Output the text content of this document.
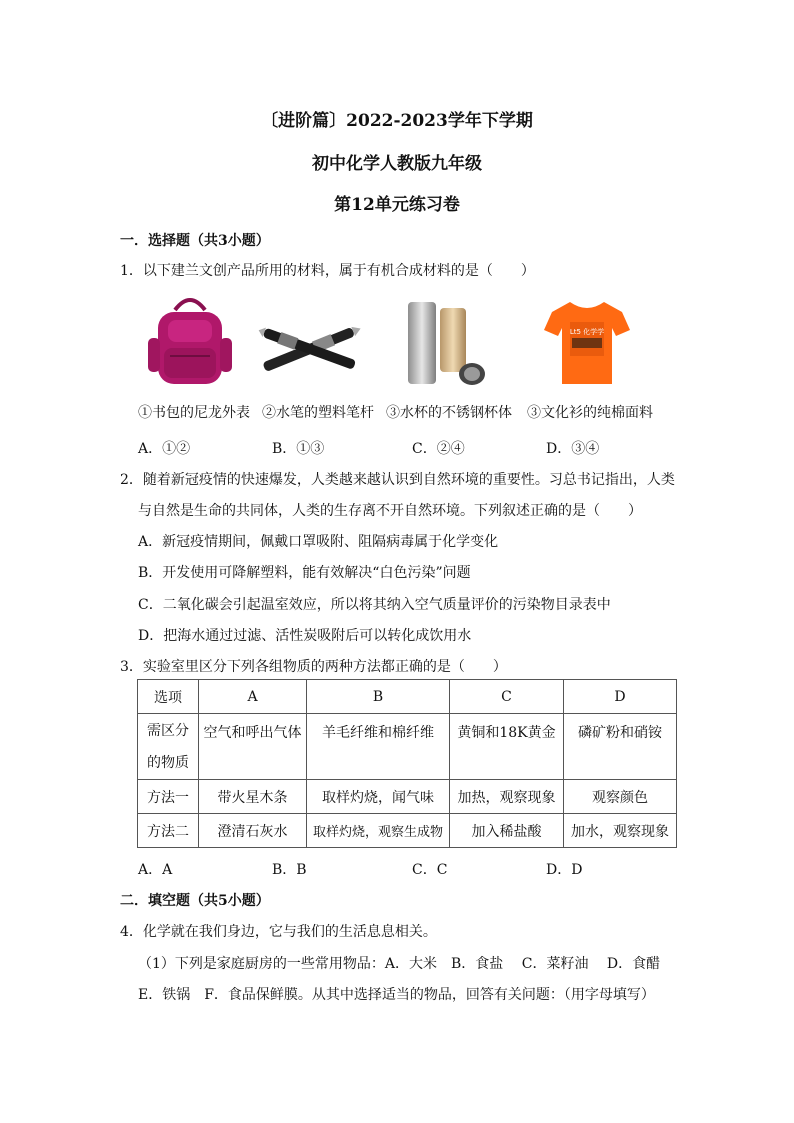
〔进阶篇〕2022-2023学年下学期
初中化学人教版九年级
第12单元练习卷
一．选择题（共3小题）
1．以下建兰文创产品所用的材料，属于有机合成材料的是（　　）
Lt5 化学学
①书包的尼龙外表 ②水笔的塑料笔杆 ③水杯的不锈钢杯体 ③文化衫的纯棉面料
A．①②	B．①③	C．②④	D．③④
2．随着新冠疫情的快速爆发，人类越来越认识到自然环境的重要性。习总书记指出，人类
与自然是生命的共同体，人类的生存离不开自然环境。下列叙述正确的是（　　）
A．新冠疫情期间，佩戴口罩吸附、阻隔病毒属于化学变化
B．开发使用可降解塑料，能有效解决“白色污染”问题
C．二氧化碳会引起温室效应，所以将其纳入空气质量评价的污染物目录表中
D．把海水通过过滤、活性炭吸附后可以转化成饮用水
3．实验室里区分下列各组物质的两种方法都正确的是（　　）
选项	A	B	C	D

需区分
的物质	空气和呼出气体	羊毛纤维和棉纤维	黄铜和18K黄金	磷矿粉和硝铵
方法一	带火星木条	取样灼烧，闻气味	加热，观察现象	观察颜色
方法二	澄清石灰水	取样灼烧，观察生成物	加入稀盐酸	加水，观察现象
A．A	B．B	C．C	D．D
二．填空题（共5小题）
4．化学就在我们身边，它与我们的生活息息相关。
（1）下列是家庭厨房的一些常用物品：A．大米　B．食盐　 C．菜籽油　 D．食醋
E．铁锅　F．食品保鲜膜。从其中选择适当的物品，回答有关问题：（用字母填写）
